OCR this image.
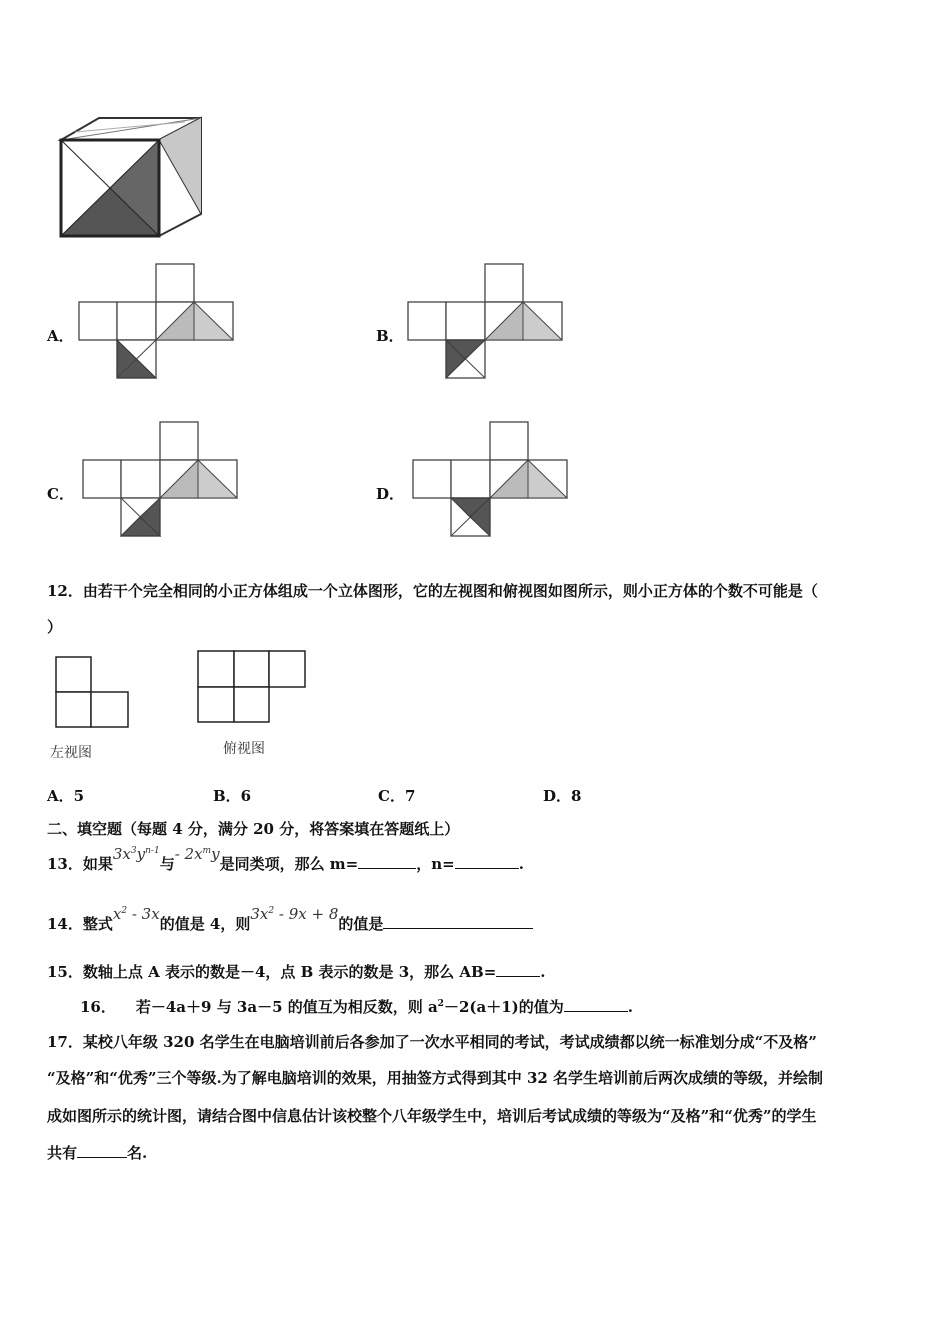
A．	B．
C．	D．
12．由若干个完全相同的小正方体组成一个立体图形，它的左视图和俯视图如图所示，则小正方体的个数不可能是（
）
左视图	俯视图
A．5	B．6	C．7	D．8
二、填空题（每题 4 分，满分 20 分，将答案填在答题纸上）
13．如果$3x^3y^{n-1}$与- $2x^my$是同类项，那么 m=	，n=	.
14．整式$x^2 - 3x$的值是 4，则$3x^2 - 9x + 8$的值是
15．数轴上点 A 表示的数是－4，点 B 表示的数是 3，那么 AB=	.
16． 若－4a＋9 与 3a－5 的值互为相反数，则 $a^2-2(a+1)$的值为	.
17．某校八年级 320 名学生在电脑培训前后各参加了一次水平相同的考试，考试成绩都以统一标准划分成“不及格”
“及格”和“优秀”三个等级.为了解电脑培训的效果，用抽签方式得到其中 32 名学生培训前后两次成绩的等级，并绘制
成如图所示的统计图，请结合图中信息估计该校整个八年级学生中，培训后考试成绩的等级为“及格”和“优秀”的学生
共有	名.
